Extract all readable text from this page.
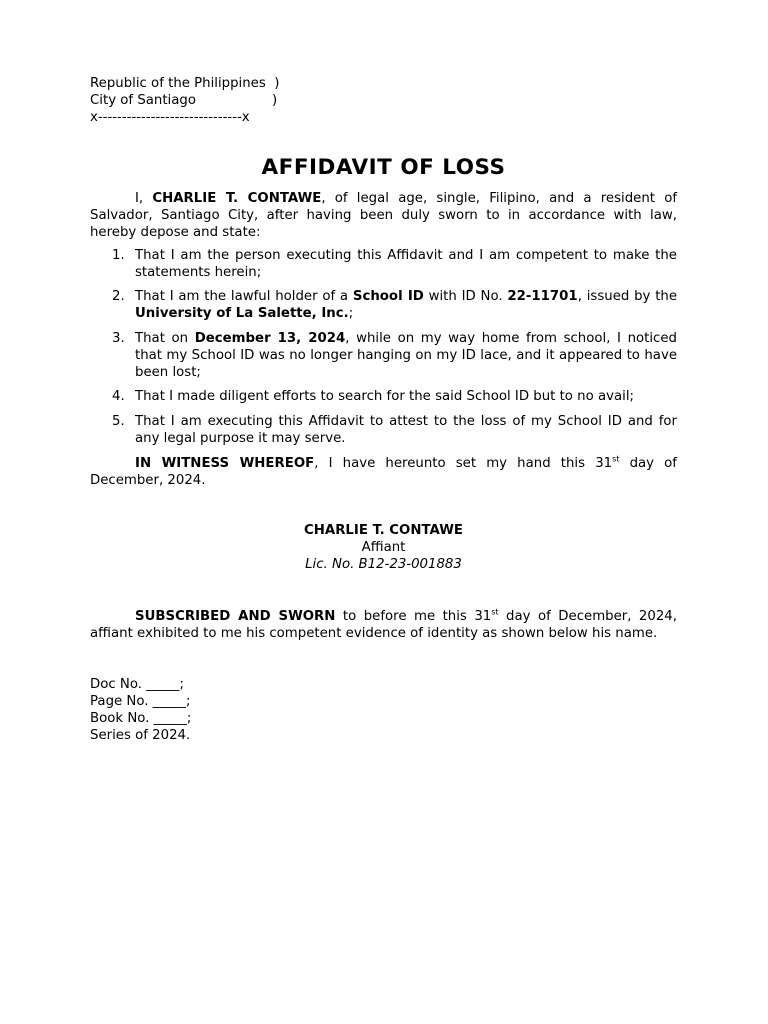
Republic of the Philippines  )
City of Santiago                  )
x------------------------------x
AFFIDAVIT OF LOSS
I, CHARLIE T. CONTAWE, of legal age, single, Filipino, and a resident of Salvador, Santiago City, after having been duly sworn to in accordance with law, hereby depose and state:
1. That I am the person executing this Affidavit and I am competent to make the statements herein;
2. That I am the lawful holder of a School ID with ID No. 22-11701, issued by the University of La Salette, Inc.;
3. That on December 13, 2024, while on my way home from school, I noticed that my School ID was no longer hanging on my ID lace, and it appeared to have been lost;
4. That I made diligent efforts to search for the said School ID but to no avail;
5. That I am executing this Affidavit to attest to the loss of my School ID and for any legal purpose it may serve.
IN WITNESS WHEREOF, I have hereunto set my hand this 31st day of December, 2024.
CHARLIE T. CONTAWE
Affiant
Lic. No. B12-23-001883
SUBSCRIBED AND SWORN to before me this 31st day of December, 2024, affiant exhibited to me his competent evidence of identity as shown below his name.
Doc No. _____;
Page No. _____;
Book No. _____;
Series of 2024.
